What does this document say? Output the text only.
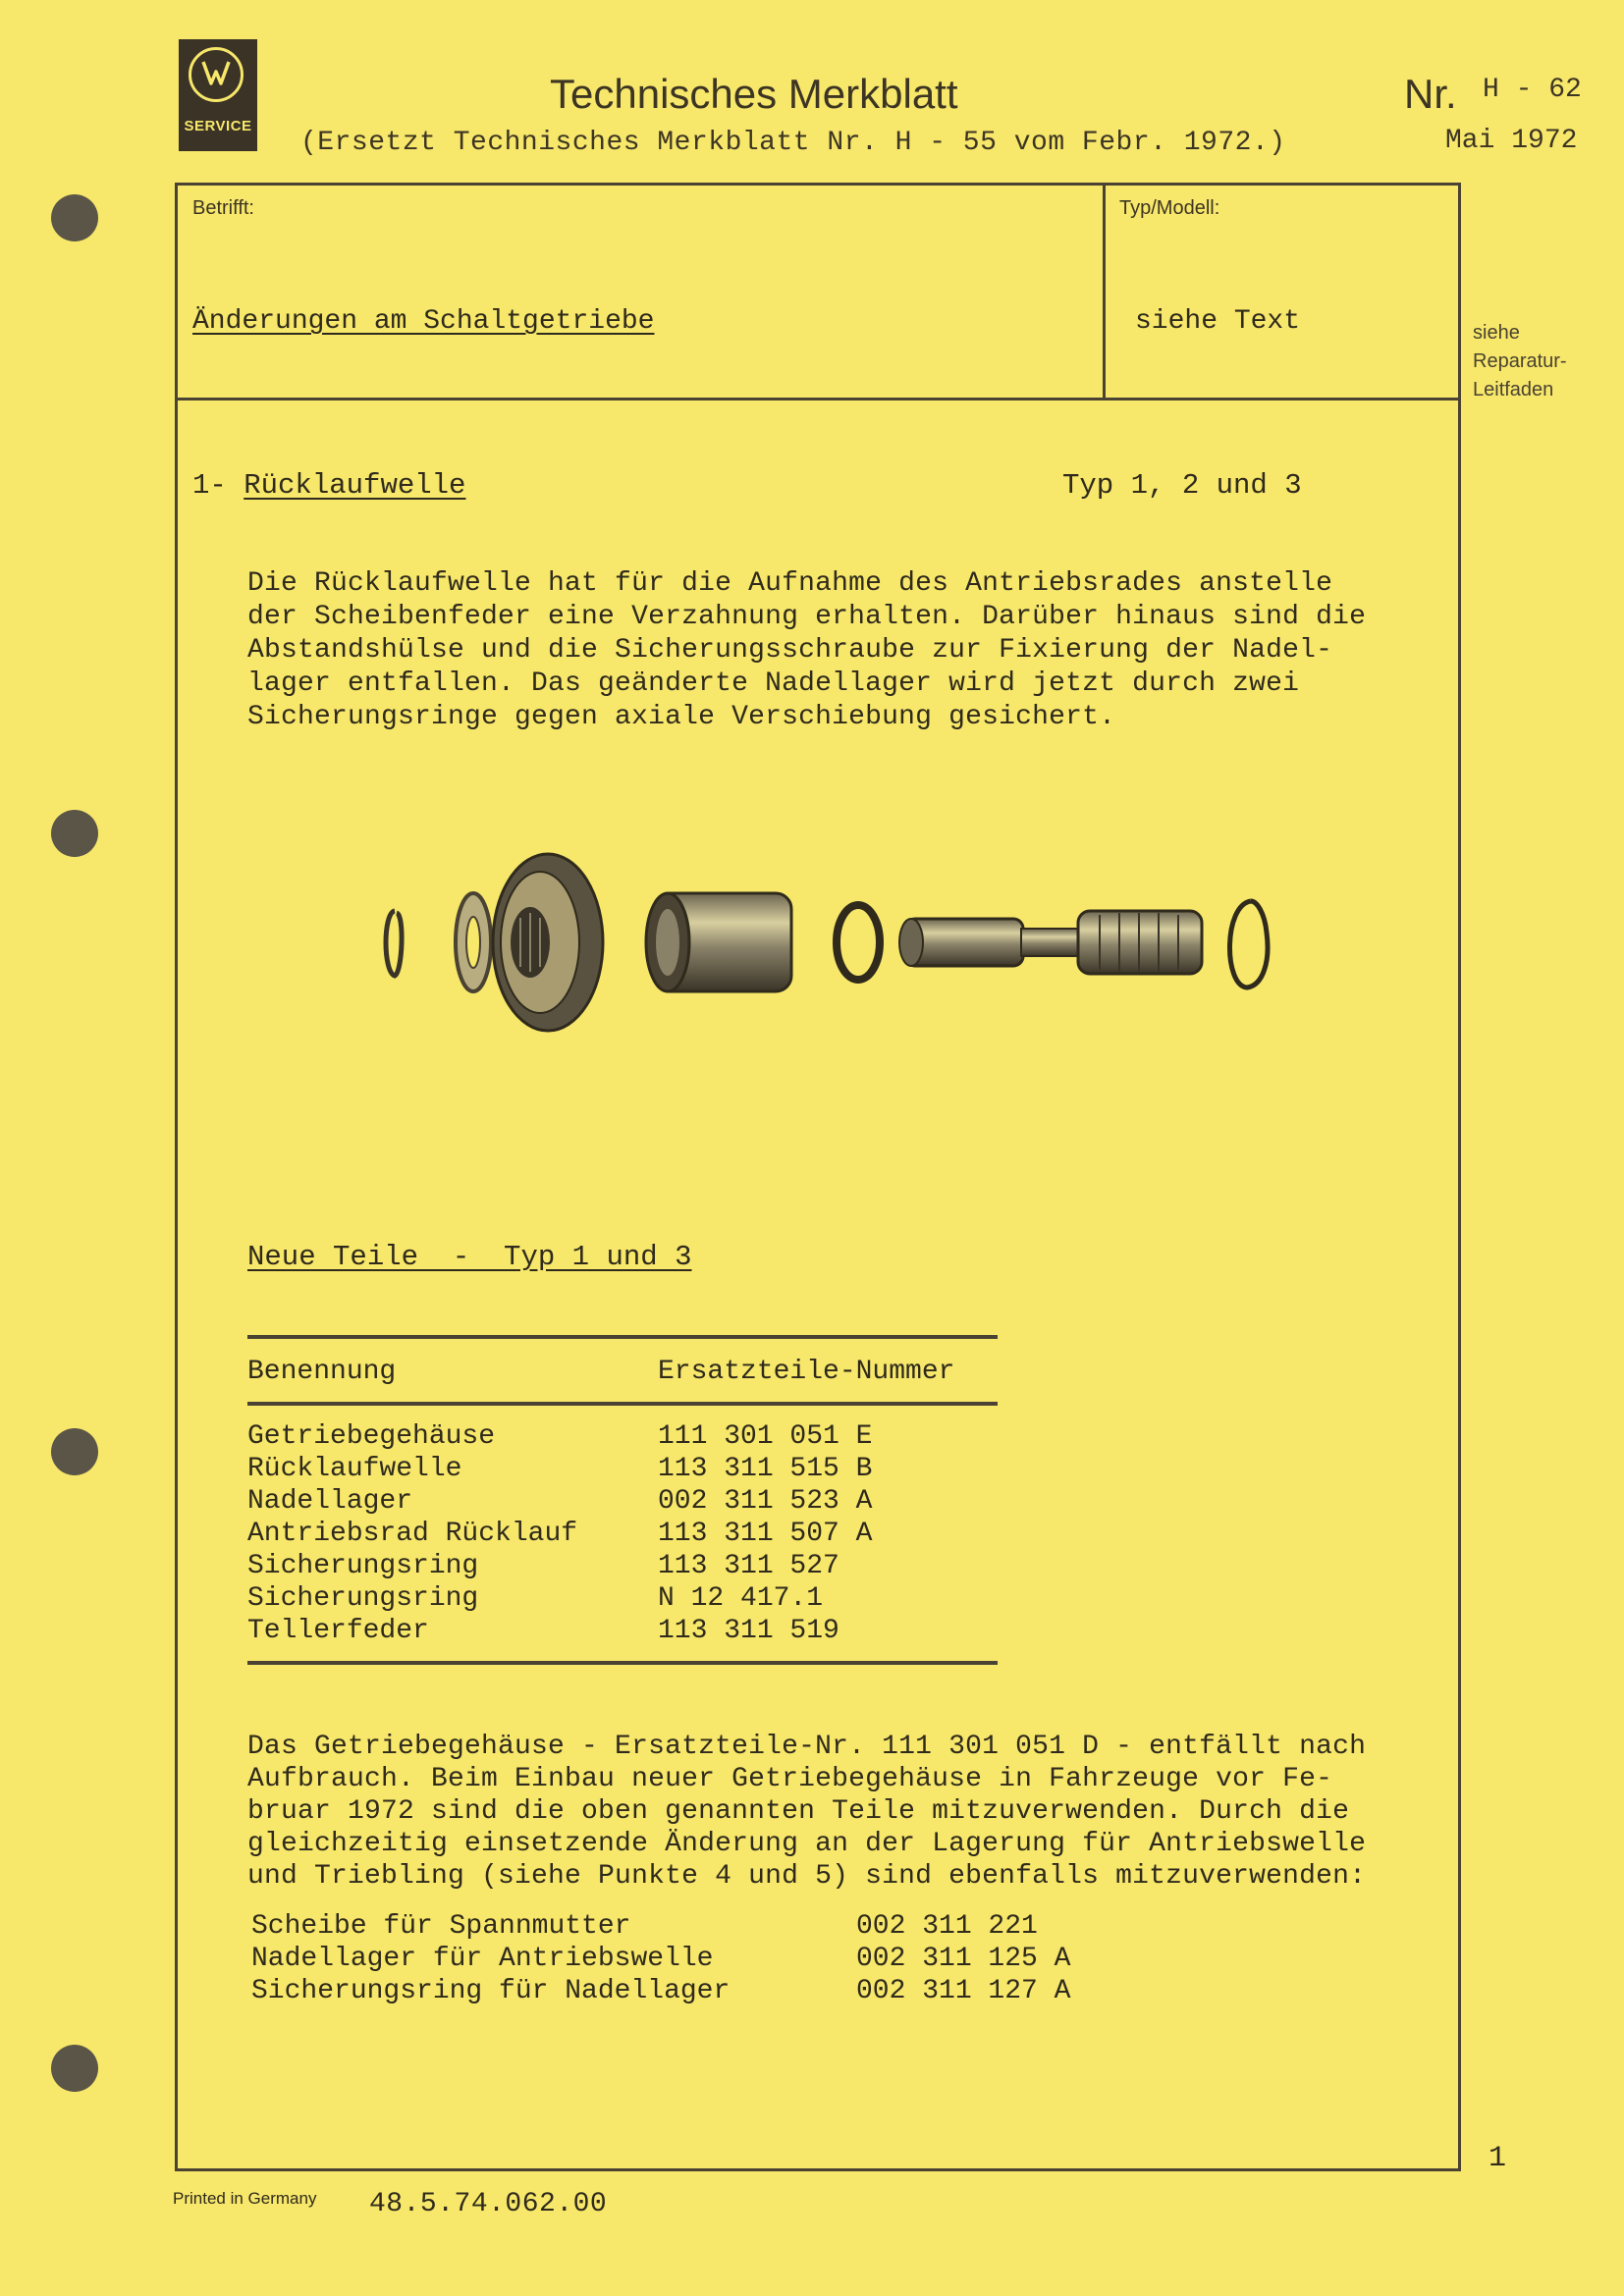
SERVICE
Technisches Merkblatt
(Ersetzt Technisches Merkblatt Nr. H - 55 vom Febr. 1972.)
Nr. H - 62
Mai 1972
Betrifft:	Typ/Modell:
Änderungen am Schaltgetriebe	siehe Text	siehe
Reparatur-
Leitfaden
1- Rücklaufwelle	Typ 1, 2 und 3
Die Rücklaufwelle hat für die Aufnahme des Antriebsrades anstelle
der Scheibenfeder eine Verzahnung erhalten. Darüber hinaus sind die
Abstandshülse und die Sicherungsschraube zur Fixierung der Nadel-
lager entfallen. Das geänderte Nadellager wird jetzt durch zwei
Sicherungsringe gegen axiale Verschiebung gesichert.
Neue Teile  -  Typ 1 und 3
Benennung	Ersatzteile-Nummer
Getriebegehäuse	111 301 051 E
Rücklaufwelle	113 311 515 B
Nadellager	002 311 523 A
Antriebsrad Rücklauf	113 311 507 A
Sicherungsring	113 311 527
Sicherungsring	N 12 417.1
Tellerfeder	113 311 519
Das Getriebegehäuse - Ersatzteile-Nr. 111 301 051 D - entfällt nach
Aufbrauch. Beim Einbau neuer Getriebegehäuse in Fahrzeuge vor Fe-
bruar 1972 sind die oben genannten Teile mitzuverwenden. Durch die
gleichzeitig einsetzende Änderung an der Lagerung für Antriebswelle
und Triebling (siehe Punkte 4 und 5) sind ebenfalls mitzuverwenden:
Scheibe für Spannmutter	002 311 221
Nadellager für Antriebswelle	002 311 125 A
Sicherungsring für Nadellager	002 311 127 A
1
Printed in Germany 48.5.74.062.00
